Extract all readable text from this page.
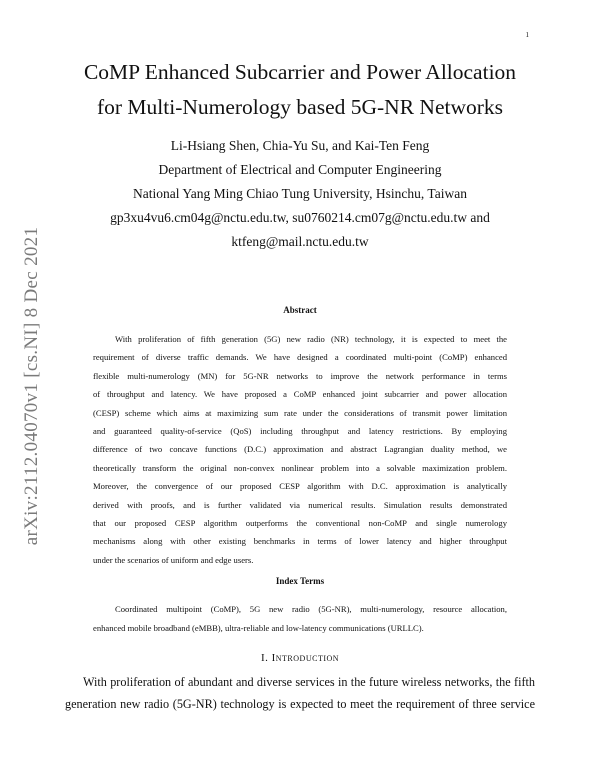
1
arXiv:2112.04070v1 [cs.NI] 8 Dec 2021
CoMP Enhanced Subcarrier and Power Allocation
for Multi-Numerology based 5G-NR Networks
Li-Hsiang Shen, Chia-Yu Su, and Kai-Ten Feng
Department of Electrical and Computer Engineering
National Yang Ming Chiao Tung University, Hsinchu, Taiwan
gp3xu4vu6.cm04g@nctu.edu.tw, su0760214.cm07g@nctu.edu.tw and
ktfeng@mail.nctu.edu.tw
Abstract

With proliferation of fifth generation (5G) new radio (NR) technology, it is expected to meet the
requirement of diverse traffic demands. We have designed a coordinated multi-point (CoMP) enhanced
flexible multi-numerology (MN) for 5G-NR networks to improve the network performance in terms
of throughput and latency. We have proposed a CoMP enhanced joint subcarrier and power allocation
(CESP) scheme which aims at maximizing sum rate under the considerations of transmit power limitation
and guaranteed quality-of-service (QoS) including throughput and latency restrictions. By employing
difference of two concave functions (D.C.) approximation and abstract Lagrangian duality method, we
theoretically transform the original non-convex nonlinear problem into a solvable maximization problem.
Moreover, the convergence of our proposed CESP algorithm with D.C. approximation is analytically
derived with proofs, and is further validated via numerical results. Simulation results demonstrated
that our proposed CESP algorithm outperforms the conventional non-CoMP and single numerology
mechanisms along with other existing benchmarks in terms of lower latency and higher throughput
under the scenarios of uniform and edge users.

Index Terms

Coordinated multipoint (CoMP), 5G new radio (5G-NR), multi-numerology, resource allocation,
enhanced mobile broadband (eMBB), ultra-reliable and low-latency communications (URLLC).

I. Introduction

With proliferation of abundant and diverse services in the future wireless networks, the fifth
generation new radio (5G-NR) technology is expected to meet the requirement of three service
